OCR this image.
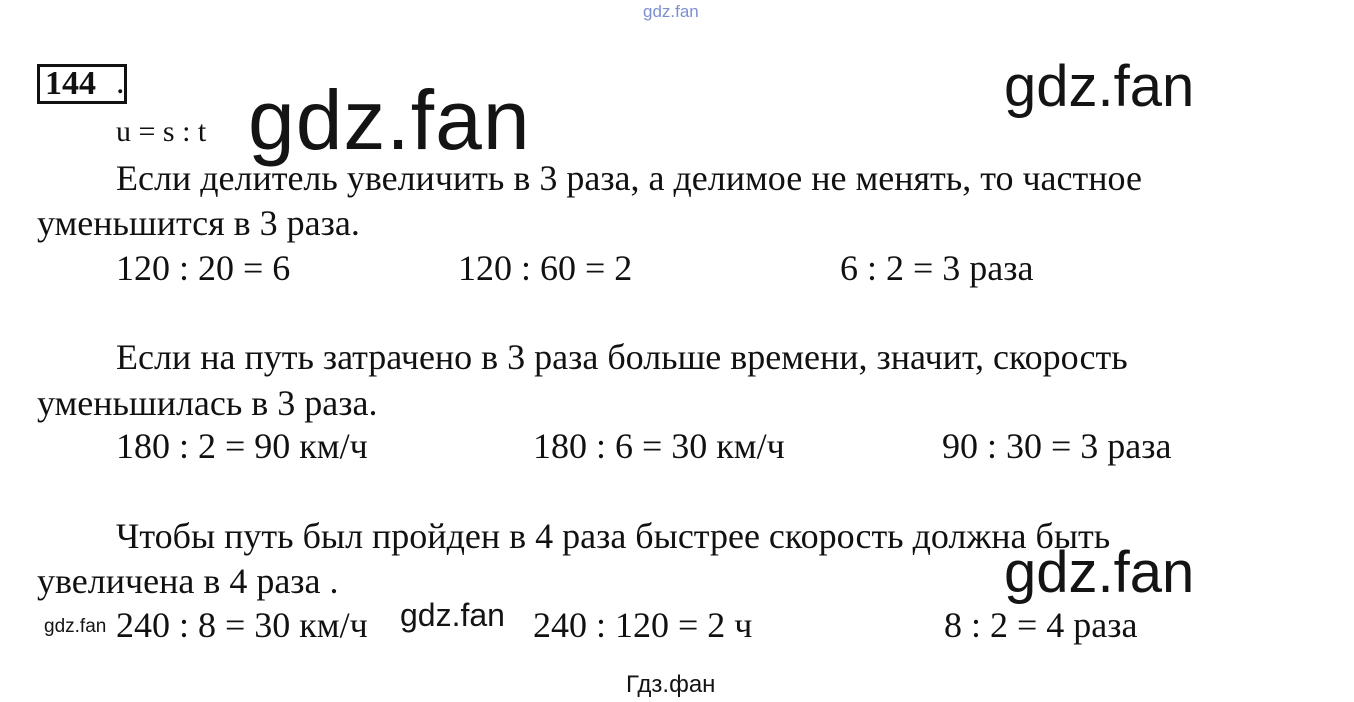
gdz.fan
144 . gdz.fan	gdz.fan
u = s : t
Если делитель увеличить в 3 раза, а делимое не менять, то частное
уменьшится в 3 раза.
120 : 20 = 6	120 : 60 = 2	6 : 2 = 3 раза
Если на путь затрачено в 3 раза больше времени, значит, скорость
уменьшилась в 3 раза.
180 : 2 = 90 км/ч	180 : 6 = 30 км/ч	90 : 30 = 3 раза
Чтобы путь был пройден в 4 раза быстрее скорость должна быть
увеличена в 4 раза .	gdz.fan
gdz.fan 240 : 8 = 30 км/ч gdz.fan 240 : 120 = 2 ч	8 : 2 = 4 раза
Гдз.фан
